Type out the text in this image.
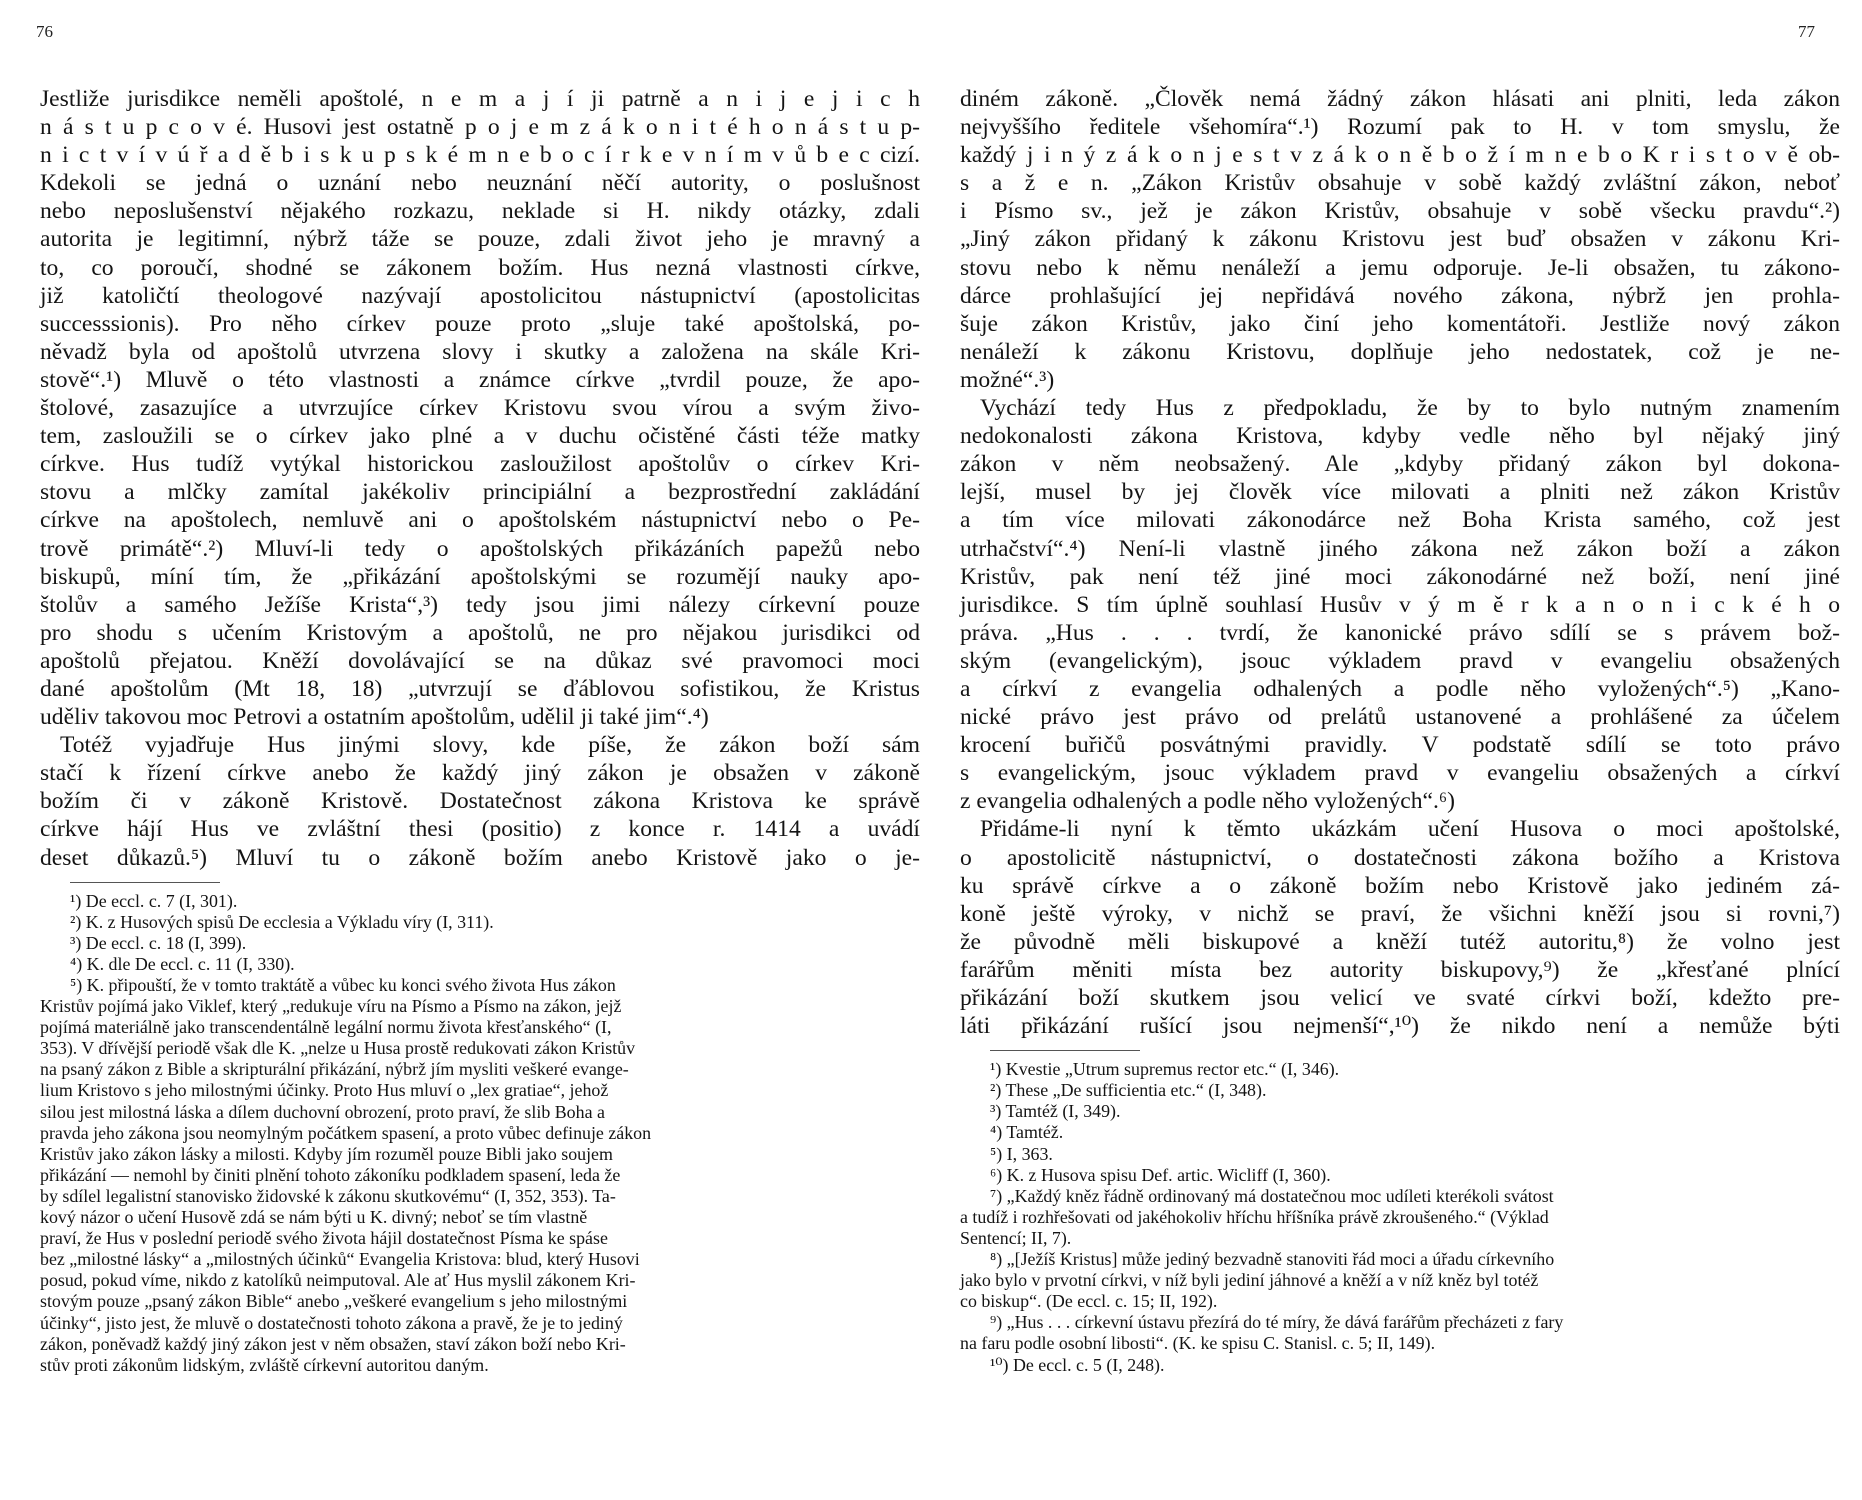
76	77
Jestliže jurisdikce neměli apoštolé, n e m a j í ji patrně a n i j e j i c h
n á s t u p c o v é. Husovi jest ostatně p o j e m z á k o n i t é h o n á s t u p-
n i c t v í v ú ř a d ě b i s k u p s k é m n e b o c í r k e v n í m v ů b e c cizí.
Kdekoli se jedná o uznání nebo neuznání něčí autority, o poslušnost
nebo neposlušenství nějakého rozkazu, neklade si H. nikdy otázky, zdali
autorita je legitimní, nýbrž táže se pouze, zdali život jeho je mravný a
to, co poroučí, shodné se zákonem božím. Hus nezná vlastnosti církve,
již katoličtí theologové nazývají apostolicitou nástupnictví (apostolicitas
successsionis). Pro něho církev pouze proto „sluje také apoštolská, po-
něvadž byla od apoštolů utvrzena slovy i skutky a založena na skále Kri-
stově“.¹) Mluvě o této vlastnosti a známce církve „tvrdil pouze, že apo-
štolové, zasazujíce a utvrzujíce církev Kristovu svou vírou a svým živo-
tem, zasloužili se o církev jako plné a v duchu očistěné části téže matky
církve. Hus tudíž vytýkal historickou zasloužilost apoštolův o církev Kri-
stovu a mlčky zamítal jakékoliv principiální a bezprostřední zakládání
církve na apoštolech, nemluvě ani o apoštolském nástupnictví nebo o Pe-
trově primátě“.²) Mluví-li tedy o apoštolských přikázáních papežů nebo
biskupů, míní tím, že „přikázání apoštolskými se rozumějí nauky apo-
štolův a samého Ježíše Krista“,³) tedy jsou jimi nálezy církevní pouze
pro shodu s učením Kristovým a apoštolů, ne pro nějakou jurisdikci od
apoštolů přejatou. Kněží dovolávající se na důkaz své pravomoci moci
dané apoštolům (Mt 18, 18) „utvrzují se ďáblovou sofistikou, že Kristus
uděliv takovou moc Petrovi a ostatním apoštolům, udělil ji také jim“.⁴)
Totéž vyjadřuje Hus jinými slovy, kde píše, že zákon boží sám
stačí k řízení církve anebo že každý jiný zákon je obsažen v zákoně
božím či v zákoně Kristově. Dostatečnost zákona Kristova ke správě
církve hájí Hus ve zvláštní thesi (positio) z konce r. 1414 a uvádí
deset důkazů.⁵) Mluví tu o zákoně božím anebo Kristově jako o je-
¹) De eccl. c. 7 (I, 301).
²) K. z Husových spisů De ecclesia a Výkladu víry (I, 311).
³) De eccl. c. 18 (I, 399).
⁴) K. dle De eccl. c. 11 (I, 330).
⁵) K. připouští, že v tomto traktátě a vůbec ku konci svého života Hus zákon
Kristův pojímá jako Viklef, který „redukuje víru na Písmo a Písmo na zákon, jejž
pojímá materiálně jako transcendentálně legální normu života křesťanského“ (I,
353). V dřívější periodě však dle K. „nelze u Husa prostě redukovati zákon Kristův
na psaný zákon z Bible a skripturální přikázání, nýbrž jím mysliti veškeré evange-
lium Kristovo s jeho milostnými účinky. Proto Hus mluví o „lex gratiae“, jehož
silou jest milostná láska a dílem duchovní obrození, proto praví, že slib Boha a
pravda jeho zákona jsou neomylným počátkem spasení, a proto vůbec definuje zákon
Kristův jako zákon lásky a milosti. Kdyby jím rozuměl pouze Bibli jako soujem
přikázání — nemohl by činiti plnění tohoto zákoníku podkladem spasení, leda že
by sdílel legalistní stanovisko židovské k zákonu skutkovému“ (I, 352, 353). Ta-
kový názor o učení Husově zdá se nám býti u K. divný; neboť se tím vlastně
praví, že Hus v poslední periodě svého života hájil dostatečnost Písma ke spáse
bez „milostné lásky“ a „milostných účinků“ Evangelia Kristova: blud, který Husovi
posud, pokud víme, nikdo z katolíků neimputoval. Ale ať Hus myslil zákonem Kri-
stovým pouze „psaný zákon Bible“ anebo „veškeré evangelium s jeho milostnými
účinky“, jisto jest, že mluvě o dostatečnosti tohoto zákona a pravě, že je to jediný
zákon, poněvadž každý jiný zákon jest v něm obsažen, staví zákon boží nebo Kri-
stův proti zákonům lidským, zvláště církevní autoritou daným.
diném zákoně. „Člověk nemá žádný zákon hlásati ani plniti, leda zákon
nejvyššího ředitele všehomíra“.¹) Rozumí pak to H. v tom smyslu, že
každý j i n ý z á k o n j e s t v z á k o n ě b o ž í m n e b o K r i s t o v ě ob-
s a ž e n. „Zákon Kristův obsahuje v sobě každý zvláštní zákon, neboť
i Písmo sv., jež je zákon Kristův, obsahuje v sobě všecku pravdu“.²)
„Jiný zákon přidaný k zákonu Kristovu jest buď obsažen v zákonu Kri-
stovu nebo k němu nenáleží a jemu odporuje. Je-li obsažen, tu zákono-
dárce prohlašující jej nepřidává nového zákona, nýbrž jen prohla-
šuje zákon Kristův, jako činí jeho komentátoři. Jestliže nový zákon
nenáleží k zákonu Kristovu, doplňuje jeho nedostatek, což je ne-
možné“.³)
Vychází tedy Hus z předpokladu, že by to bylo nutným znamením
nedokonalosti zákona Kristova, kdyby vedle něho byl nějaký jiný
zákon v něm neobsažený. Ale „kdyby přidaný zákon byl dokona-
lejší, musel by jej člověk více milovati a plniti než zákon Kristův
a tím více milovati zákonodárce než Boha Krista samého, což jest
utrhačství“.⁴) Není-li vlastně jiného zákona než zákon boží a zákon
Kristův, pak není též jiné moci zákonodárné než boží, není jiné
jurisdikce. S tím úplně souhlasí Husův v ý m ě r k a n o n i c k é h o
práva. „Hus . . . tvrdí, že kanonické právo sdílí se s právem bož-
ským (evangelickým), jsouc výkladem pravd v evangeliu obsažených
a církví z evangelia odhalených a podle něho vyložených“.⁵) „Kano-
nické právo jest právo od prelátů ustanovené a prohlášené za účelem
krocení buřičů posvátnými pravidly. V podstatě sdílí se toto právo
s evangelickým, jsouc výkladem pravd v evangeliu obsažených a církví
z evangelia odhalených a podle něho vyložených“.⁶)
Přidáme-li nyní k těmto ukázkám učení Husova o moci apoštolské,
o apostolicitě nástupnictví, o dostatečnosti zákona božího a Kristova
ku správě církve a o zákoně božím nebo Kristově jako jediném zá-
koně ještě výroky, v nichž se praví, že všichni kněží jsou si rovni,⁷)
že původně měli biskupové a kněží tutéž autoritu,⁸) že volno jest
farářům měniti místa bez autority biskupovy,⁹) že „křesťané plnící
přikázání boží skutkem jsou velicí ve svaté církvi boží, kdežto pre-
láti přikázání rušící jsou nejmenší“,¹⁰) že nikdo není a nemůže býti
¹) Kvestie „Utrum supremus rector etc.“ (I, 346).
²) These „De sufficientia etc.“ (I, 348).
³) Tamtéž (I, 349).
⁴) Tamtéž.
⁵) I, 363.
⁶) K. z Husova spisu Def. artic. Wicliff (I, 360).
⁷) „Každý kněz řádně ordinovaný má dostatečnou moc udíleti kterékoli svátost
a tudíž i rozhřešovati od jakéhokoliv hříchu hříšníka právě zkroušeného.“ (Výklad
Sentencí; II, 7).
⁸) „[Ježíš Kristus] může jediný bezvadně stanoviti řád moci a úřadu církevního
jako bylo v prvotní církvi, v níž byli jediní jáhnové a kněží a v níž kněz byl totéž
co biskup“. (De eccl. c. 15; II, 192).
⁹) „Hus . . . církevní ústavu přezírá do té míry, že dává farářům přecházeti z fary
na faru podle osobní libosti“. (K. ke spisu C. Stanisl. c. 5; II, 149).
¹⁰) De eccl. c. 5 (I, 248).
